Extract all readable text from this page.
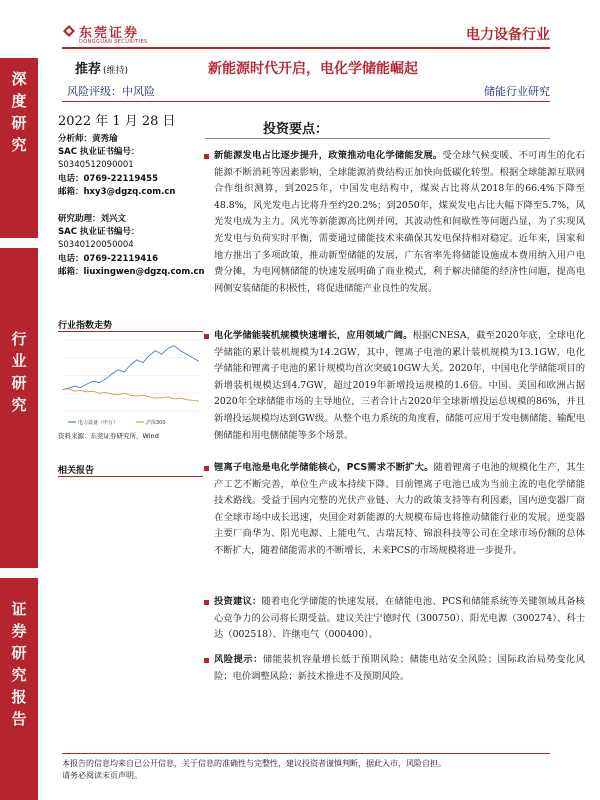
东莞证券
DONGGUAN SECURITIES	电力设备行业
推荐 (维持)	新能源时代开启，电化学储能崛起
风险评级：中风险	储能行业研究
深度研究
行业研究
证券研究报告
2022 年 1 月 28 日
分析师：黄秀瑜
SAC 执业证书编号：
S0340512090001
电话：0769-22119455
邮箱：hxy3@dgzq.com.cn
研究助理：刘兴文
SAC 执业证书编号：
S0340120050004
电话：0769-22119416
邮箱：liuxingwen@dgzq.com.cn
行业指数走势
电力设备（申万）	沪深300
资料来源：东莞证券研究所，Wind
相关报告
投资要点：
新能源发电占比逐步提升，政策推动电化学储能发展。受全球气候变暖、不可再生的化石能源不断消耗等因素影响，全球能源消费结构正加快向低碳化转型。根据全球能源互联网合作组织测算，到2025年，中国发电结构中，煤炭占比将从2018年的66.4%下降至48.8%，风光发电占比将升至约20.2%；到2050年，煤炭发电占比大幅下降至5.7%，风光发电成为主力。风光等新能源高比例并网，其波动性和间歇性等问题凸显，为了实现风光发电与负荷实时平衡，需要通过储能技术来确保其发电保持相对稳定。近年来，国家和地方推出了多项政策，推动新型储能的发展，广东省率先将储能设施成本费用纳入用户电费分摊，为电网侧储能的快速发展明确了商业模式，利于解决储能的经济性问题，提高电网侧安装储能的积极性，将促进储能产业良性的发展。
电化学储能装机规模快速增长，应用领域广阔。根据CNESA，截至2020年底，全球电化学储能的累计装机规模为14.2GW，其中，锂离子电池的累计装机规模为13.1GW，电化学储能和锂离子电池的累计规模均首次突破10GW大关。2020年，中国电化学储能项目的新增装机规模达到4.7GW，超过2019年新增投运规模的1.6倍。中国、美国和欧洲占据2020年全球储能市场的主导地位，三者合计占2020年全球新增投运总规模的86%，并且新增投运规模均达到GW级。从整个电力系统的角度看，储能可应用于发电侧储能、输配电侧储能和用电侧储能等多个场景。
锂离子电池是电化学储能核心，PCS需求不断扩大。随着锂离子电池的规模化生产，其生产工艺不断完善，单位生产成本持续下降。目前锂离子电池已成为当前主流的电化学储能技术路线。受益于国内完整的光伏产业链、大力的政策支持等有利因素，国内逆变器厂商在全球市场中成长迅速，央国企对新能源的大规模布局也将推动储能行业的发展。逆变器主要厂商华为、阳光电源、上能电气、古瑞瓦特、锦浪科技等公司在全球市场份额的总体不断扩大，随着储能需求的不断增长，未来PCS的市场规模将进一步提升。
投资建议：随着电化学储能的快速发展，在储能电池、PCS和储能系统等关键领域具备核心竞争力的公司将长期受益。建议关注宁德时代（300750）、阳光电源（300274）、科士达（002518）、许继电气（000400）。
风险提示：储能装机容量增长低于预期风险；储能电站安全风险；国际政治局势变化风险；电价调整风险；新技术推进不及预期风险。
本报告的信息均来自已公开信息，关于信息的准确性与完整性，建议投资者谨慎判断，据此入市，风险自担。
请务必阅读末页声明。
